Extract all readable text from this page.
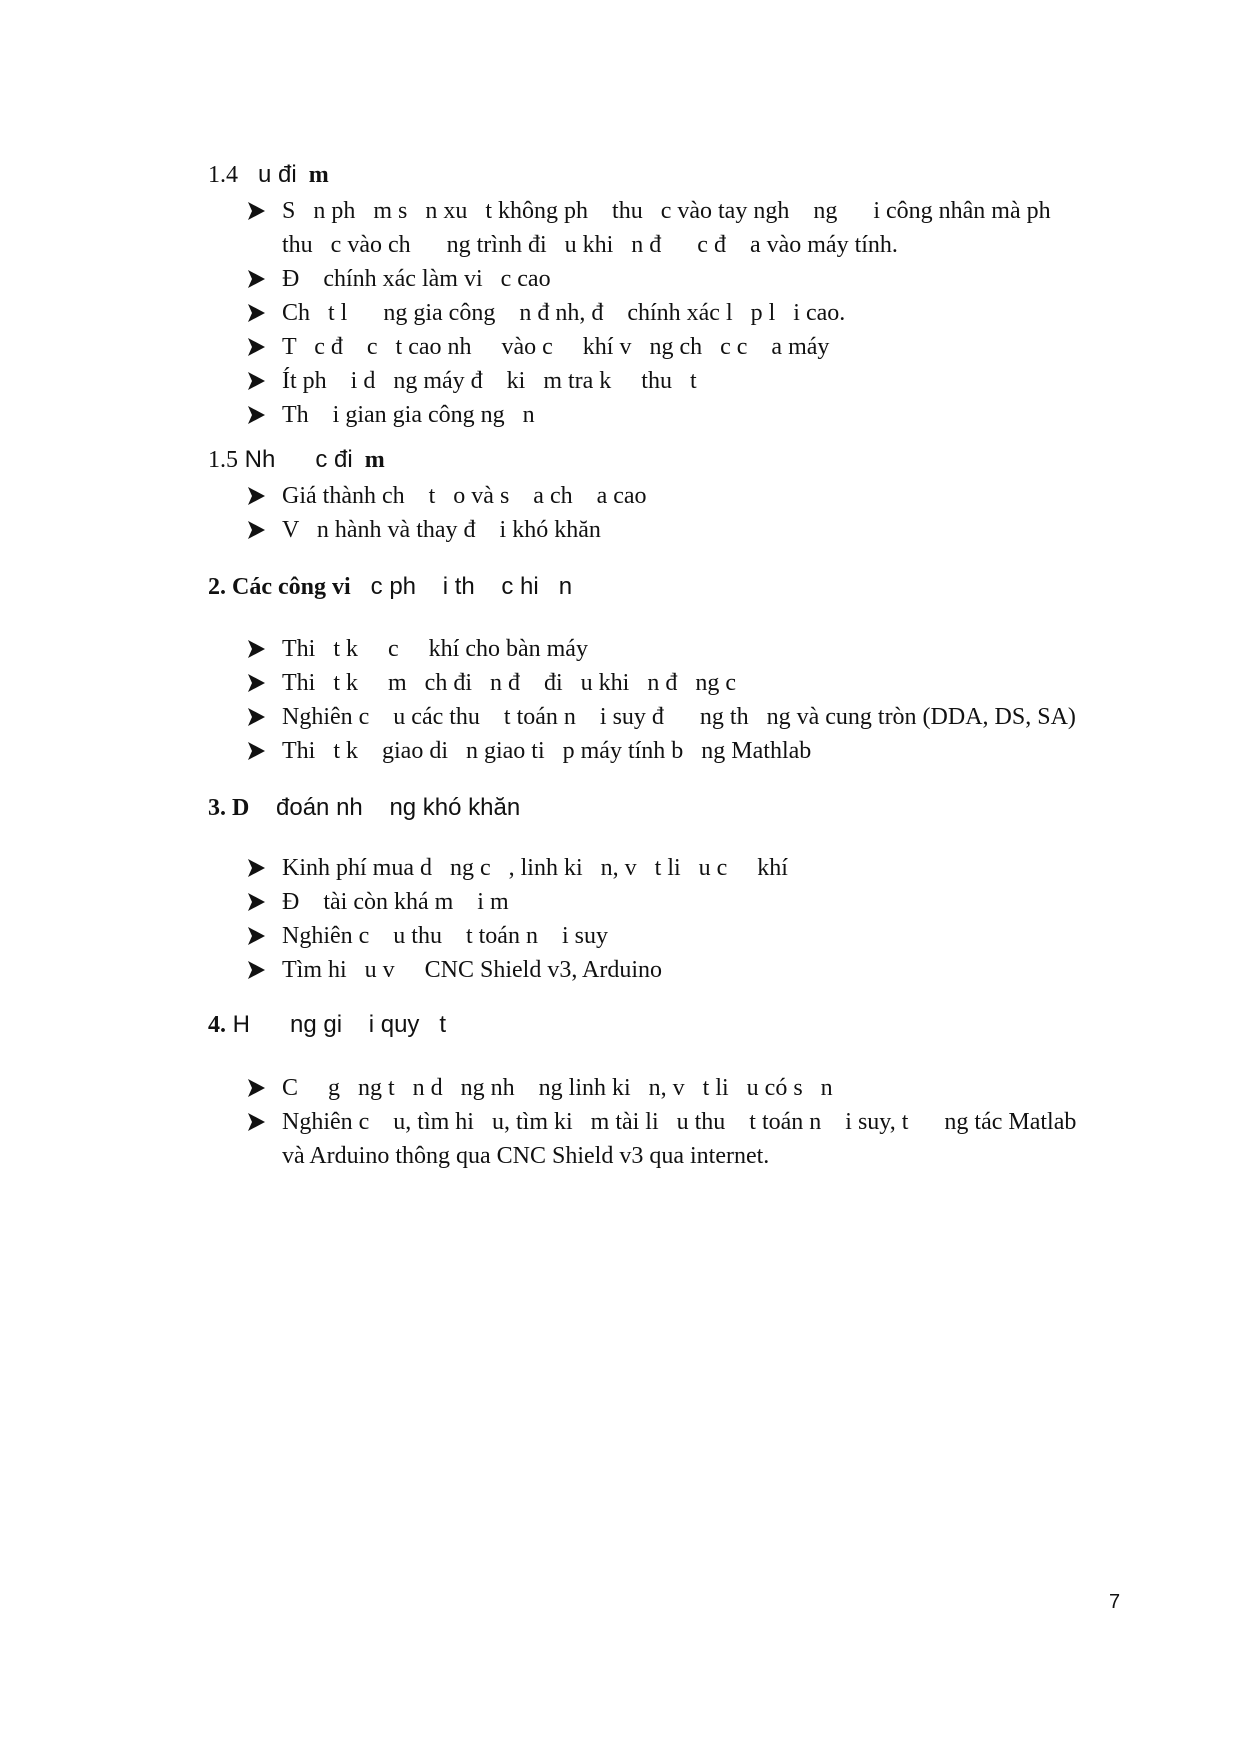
1.4   u đi  m

S   n ph   m s   n xu   t không ph    thu   c vào tay ngh    ng      i công nhân mà ph

thu   c vào ch      ng trình đi   u khi   n đ      c đ    a vào máy tính.

Đ    chính xác làm vi   c cao

Ch   t l      ng gia công    n đ nh, đ    chính xác l   p l   i cao.

T   c đ    c   t cao nh     vào c     khí v   ng ch   c c    a máy

Ít ph    i d   ng máy đ    ki   m tra k     thu   t

Th    i gian gia công ng   n

1.5 Nh      c đi  m

Giá thành ch    t   o và s    a ch    a cao

V   n hành và thay đ    i khó khăn

2. Các công vi   c ph    i th    c hi   n

Thi   t k     c     khí cho bàn máy

Thi   t k     m   ch đi   n đ    đi   u khi   n đ   ng c

Nghiên c    u các thu    t toán n    i suy đ      ng th   ng và cung tròn (DDA, DS, SA)

Thi   t k    giao di   n giao ti   p máy tính b   ng Mathlab

3. D    đoán nh    ng khó khăn

Kinh phí mua d   ng c   , linh ki   n, v   t li   u c     khí

Đ    tài còn khá m    i m

Nghiên c    u thu    t toán n    i suy

Tìm hi   u v     CNC Shield v3, Arduino

4. H      ng gi    i quy   t

C     g   ng t   n d   ng nh    ng linh ki   n, v   t li   u có s   n

Nghiên c    u, tìm hi   u, tìm ki   m tài li   u thu    t toán n    i suy, t      ng tác Matlab

và Arduino thông qua CNC Shield v3 qua internet.
7
